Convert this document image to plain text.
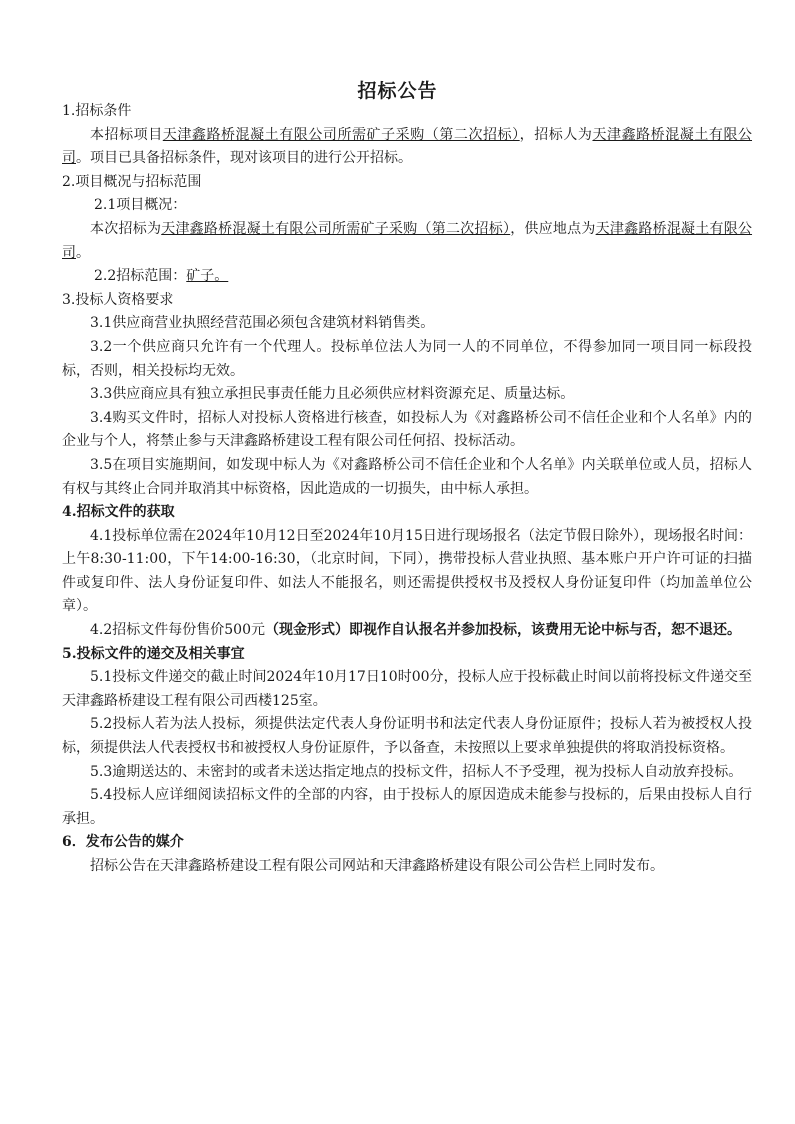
招标公告

1.招标条件

本招标项目天津鑫路桥混凝土有限公司所需矿子采购（第二次招标），招标人为天津鑫路桥混凝土有限公司。项目已具备招标条件，现对该项目的进行公开招标。

2.项目概况与招标范围

2.1项目概况：

本次招标为天津鑫路桥混凝土有限公司所需矿子采购（第二次招标），供应地点为天津鑫路桥混凝土有限公司。

2.2招标范围：矿子。

3.投标人资格要求

3.1供应商营业执照经营范围必须包含建筑材料销售类。

3.2一个供应商只允许有一个代理人。投标单位法人为同一人的不同单位，不得参加同一项目同一标段投标，否则，相关投标均无效。

3.3供应商应具有独立承担民事责任能力且必须供应材料资源充足、质量达标。

3.4购买文件时，招标人对投标人资格进行核查，如投标人为《对鑫路桥公司不信任企业和个人名单》内的企业与个人，将禁止参与天津鑫路桥建设工程有限公司任何招、投标活动。

3.5在项目实施期间，如发现中标人为《对鑫路桥公司不信任企业和个人名单》内关联单位或人员，招标人有权与其终止合同并取消其中标资格，因此造成的一切损失，由中标人承担。

4.招标文件的获取

4.1投标单位需在2024年10月12日至2024年10月15日进行现场报名（法定节假日除外），现场报名时间：上午8:30-11:00，下午14:00-16:30，（北京时间，下同），携带投标人营业执照、基本账户开户许可证的扫描件或复印件、法人身份证复印件、如法人不能报名，则还需提供授权书及授权人身份证复印件（均加盖单位公章）。

4.2招标文件每份售价500元（现金形式）即视作自认报名并参加投标，该费用无论中标与否，恕不退还。

5.投标文件的递交及相关事宜

5.1投标文件递交的截止时间2024年10月17日10时00分，投标人应于投标截止时间以前将投标文件递交至天津鑫路桥建设工程有限公司西楼125室。

5.2投标人若为法人投标，须提供法定代表人身份证明书和法定代表人身份证原件；投标人若为被授权人投标，须提供法人代表授权书和被授权人身份证原件，予以备查，未按照以上要求单独提供的将取消投标资格。

5.3逾期送达的、未密封的或者未送达指定地点的投标文件，招标人不予受理，视为投标人自动放弃投标。

5.4投标人应详细阅读招标文件的全部的内容，由于投标人的原因造成未能参与投标的，后果由投标人自行承担。

6．发布公告的媒介

招标公告在天津鑫路桥建设工程有限公司网站和天津鑫路桥建设有限公司公告栏上同时发布。
